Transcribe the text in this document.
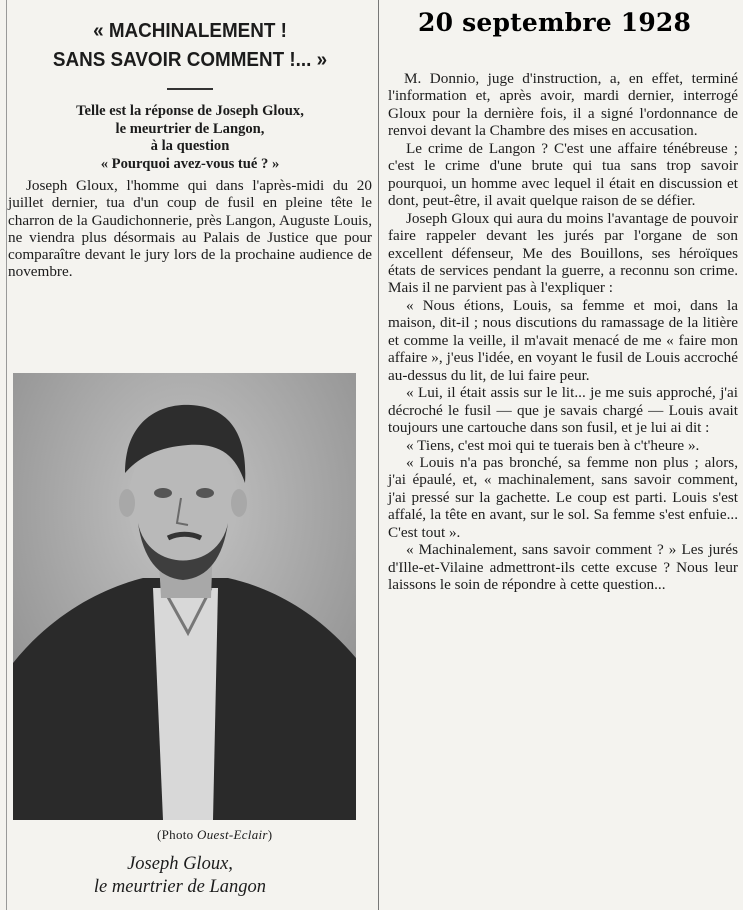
20 septembre 1928
« MACHINALEMENT !
SANS SAVOIR COMMENT !... »
Telle est la réponse de Joseph Gloux,
le meurtrier de Langon,
à la question
« Pourquoi avez-vous tué ? »

Joseph Gloux, l'homme qui dans l'après-midi du 20 juillet dernier, tua d'un coup de fusil en pleine tête le charron de la Gaudichonnerie, près Langon, Auguste Louis, ne viendra plus désormais au Palais de Justice que pour comparaître devant le jury lors de la prochaine audience de novembre.

(Photo Ouest-Eclair)
Joseph Gloux,
le meurtrier de Langon

M. Donnio, juge d'instruction, a, en effet, terminé l'information et, après avoir, mardi dernier, interrogé Gloux pour la dernière fois, il a signé l'ordonnance de renvoi devant la Chambre des mises en accusation.

Le crime de Langon ? C'est une affaire ténébreuse ; c'est le crime d'une brute qui tua sans trop savoir pourquoi, un homme avec lequel il était en discussion et dont, peut-être, il avait quelque raison de se défier.

Joseph Gloux qui aura du moins l'avantage de pouvoir faire rappeler devant les jurés par l'organe de son excellent défenseur, Me des Bouillons, ses héroïques états de services pendant la guerre, a reconnu son crime. Mais il ne parvient pas à l'expliquer :

« Nous étions, Louis, sa femme et moi, dans la maison, dit-il ; nous discutions du ramassage de la litière et comme la veille, il m'avait menacé de me « faire mon affaire », j'eus l'idée, en voyant le fusil de Louis accroché au-dessus du lit, de lui faire peur.

« Lui, il était assis sur le lit... je me suis approché, j'ai décroché le fusil — que je savais chargé — Louis avait toujours une cartouche dans son fusil, et je lui ai dit :

« Tiens, c'est moi qui te tuerais ben à c't'heure ».

« Louis n'a pas bronché, sa femme non plus ; alors, j'ai épaulé, et, « machinalement, sans savoir comment, j'ai pressé sur la gachette. Le coup est parti. Louis s'est affalé, la tête en avant, sur le sol. Sa femme s'est enfuie... C'est tout ».

« Machinalement, sans savoir comment ? » Les jurés d'Ille-et-Vilaine admettront-ils cette excuse ? Nous leur laissons le soin de répondre à cette question...
